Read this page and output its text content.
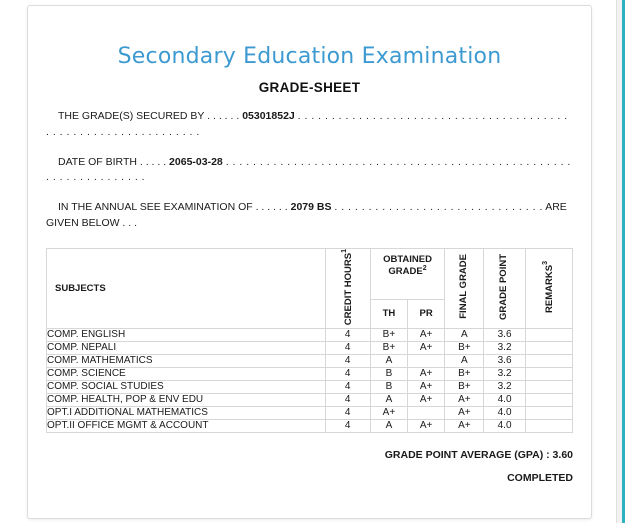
Secondary Education Examination
GRADE-SHEET
THE GRADE(S) SECURED BY . . . . . . 05301852J . . . . . . . . . . . . . . . . . . . . . . . . . . . . . . . . . . . . . . . . . . . . . . . . . . . . . . . . . . . . . . .
DATE OF BIRTH . . . . . 2065-03-28 . . . . . . . . . . . . . . . . . . . . . . . . . . . . . . . . . . . . . . . . . . . . . . . . . . . . . . . . . . . . . . . . . .
IN THE ANNUAL SEE EXAMINATION OF . . . . . . 2079 BS . . . . . . . . . . . . . . . . . . . . . . . . . . . . . . . ARE GIVEN BELOW . . .
SUBJECTS	CREDIT HOURS$^1$	OBTAINED GRADE$^2$		FINAL GRADE	GRADE POINT	REMARKS$^3$

		TH	PR			

COMP. ENGLISH	4	B+	A+	A	3.6	
COMP. NEPALI	4	B+	A+	B+	3.2	
COMP. MATHEMATICS	4	A		A	3.6	
COMP. SCIENCE	4	B	A+	B+	3.2	
COMP. SOCIAL STUDIES	4	B	A+	B+	3.2	
COMP. HEALTH, POP & ENV EDU	4	A	A+	A+	4.0	
OPT.I ADDITIONAL MATHEMATICS	4	A+		A+	4.0	
OPT.II OFFICE MGMT & ACCOUNT	4	A	A+	A+	4.0	
GRADE POINT AVERAGE (GPA) : 3.60
COMPLETED
